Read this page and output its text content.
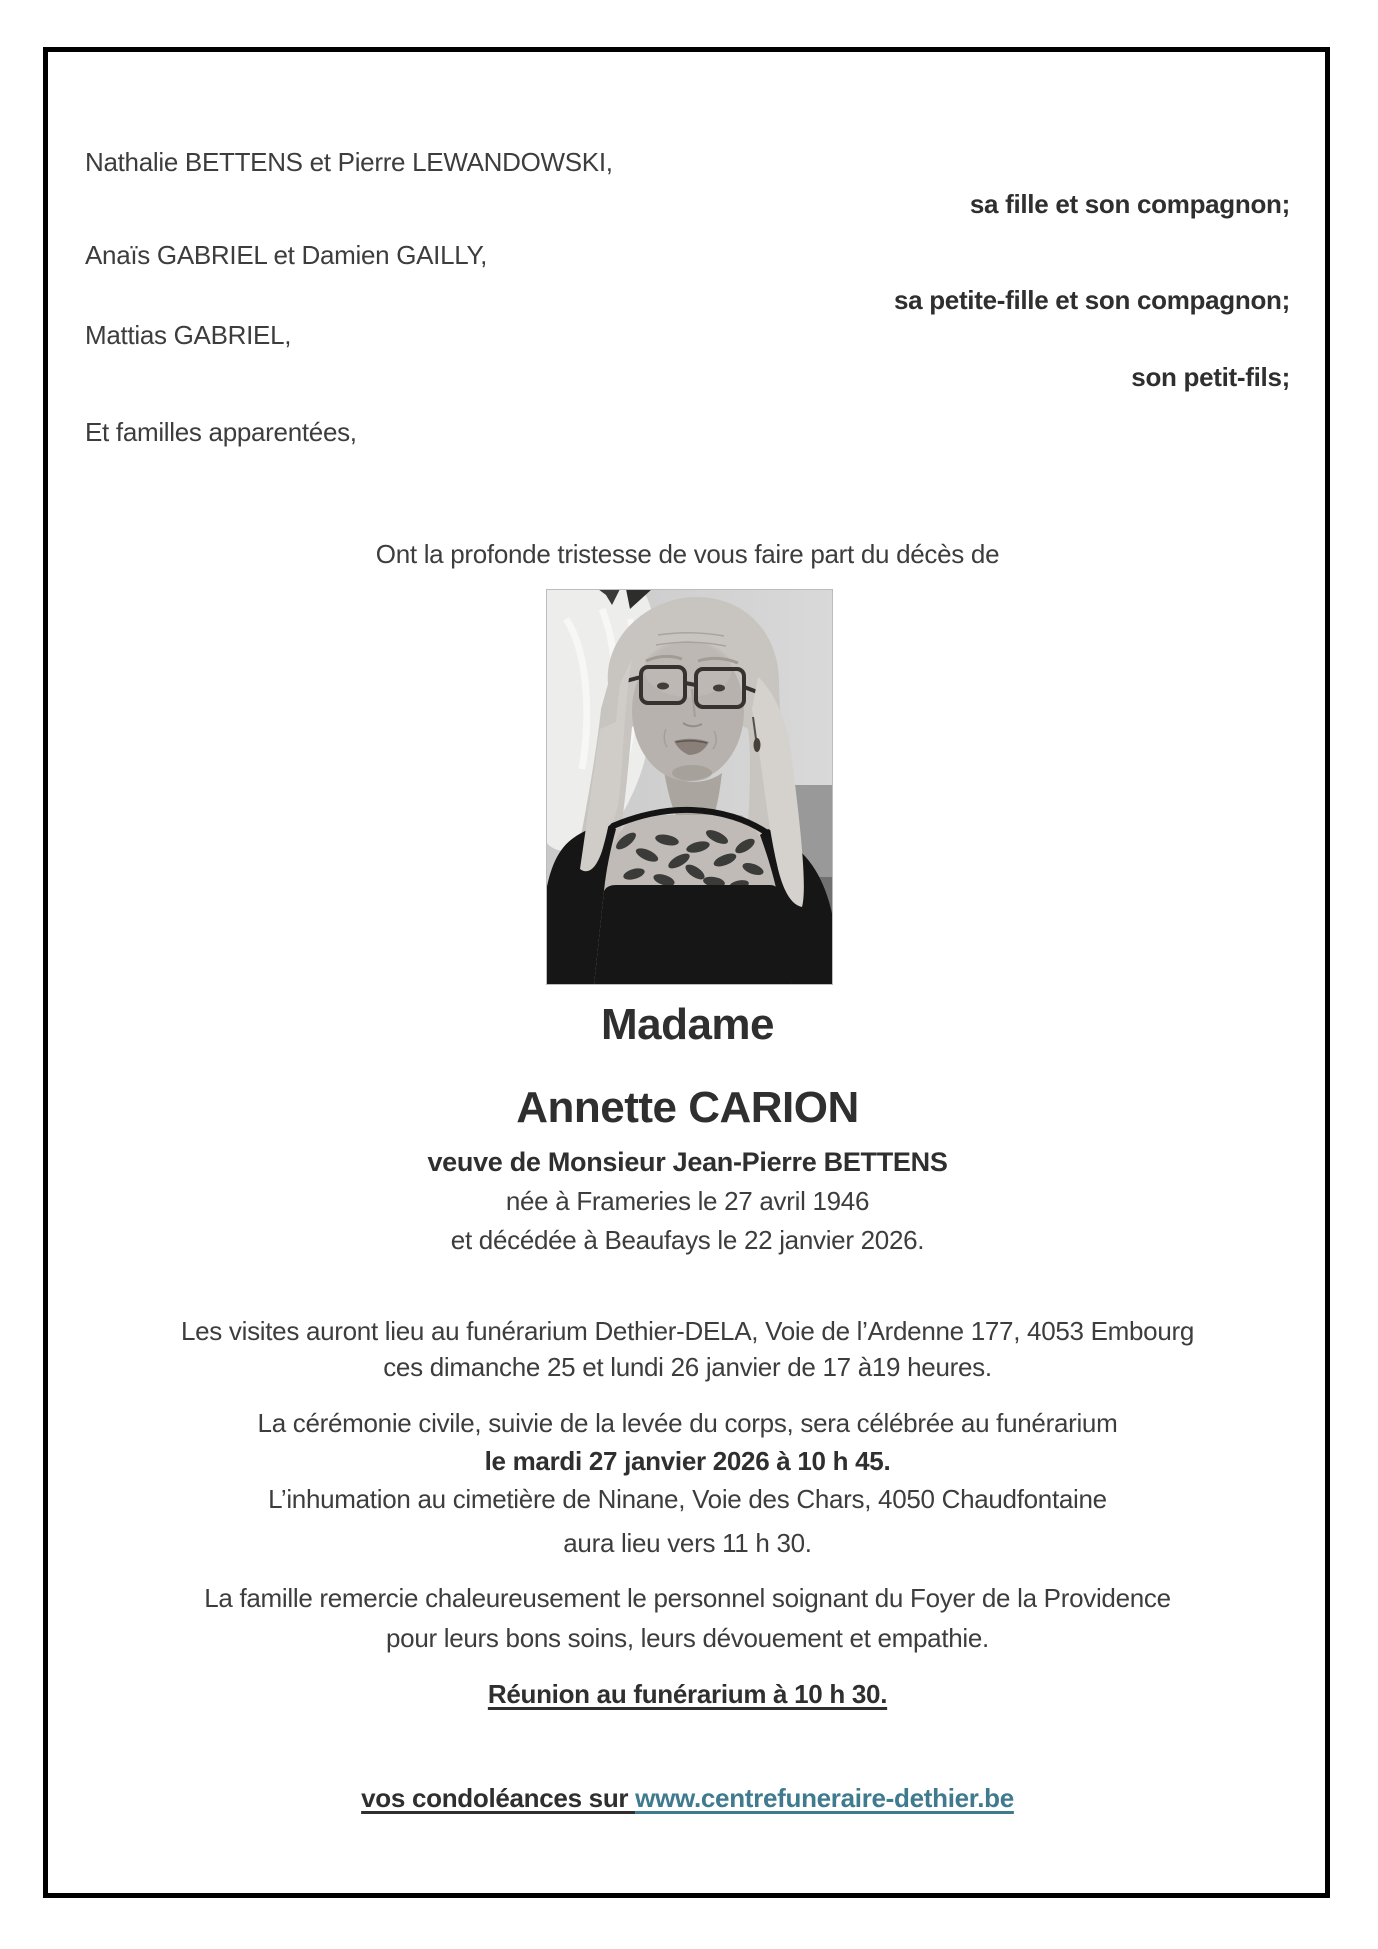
Nathalie BETTENS et Pierre LEWANDOWSKI,
sa fille et son compagnon;
Anaïs GABRIEL et Damien GAILLY,
sa petite-fille et son compagnon;
Mattias GABRIEL,
son petit-fils;
Et familles apparentées,
Ont la profonde tristesse de vous faire part du décès de
Madame
Annette CARION
veuve de Monsieur Jean-Pierre BETTENS
née à Frameries le 27 avril 1946
et décédée à Beaufays le 22 janvier 2026.
Les visites auront lieu au funérarium Dethier-DELA, Voie de l’Ardenne 177, 4053 Embourg
ces dimanche 25 et lundi 26 janvier de 17 à19 heures.
La cérémonie civile, suivie de la levée du corps, sera célébrée au funérarium
le mardi 27 janvier 2026 à 10 h 45.
L’inhumation au cimetière de Ninane, Voie des Chars, 4050 Chaudfontaine
aura lieu vers 11 h 30.
La famille remercie chaleureusement le personnel soignant du Foyer de la Providence
pour leurs bons soins, leurs dévouement et empathie.
Réunion au funérarium à 10 h 30.
vos condoléances sur www.centrefuneraire-dethier.be
